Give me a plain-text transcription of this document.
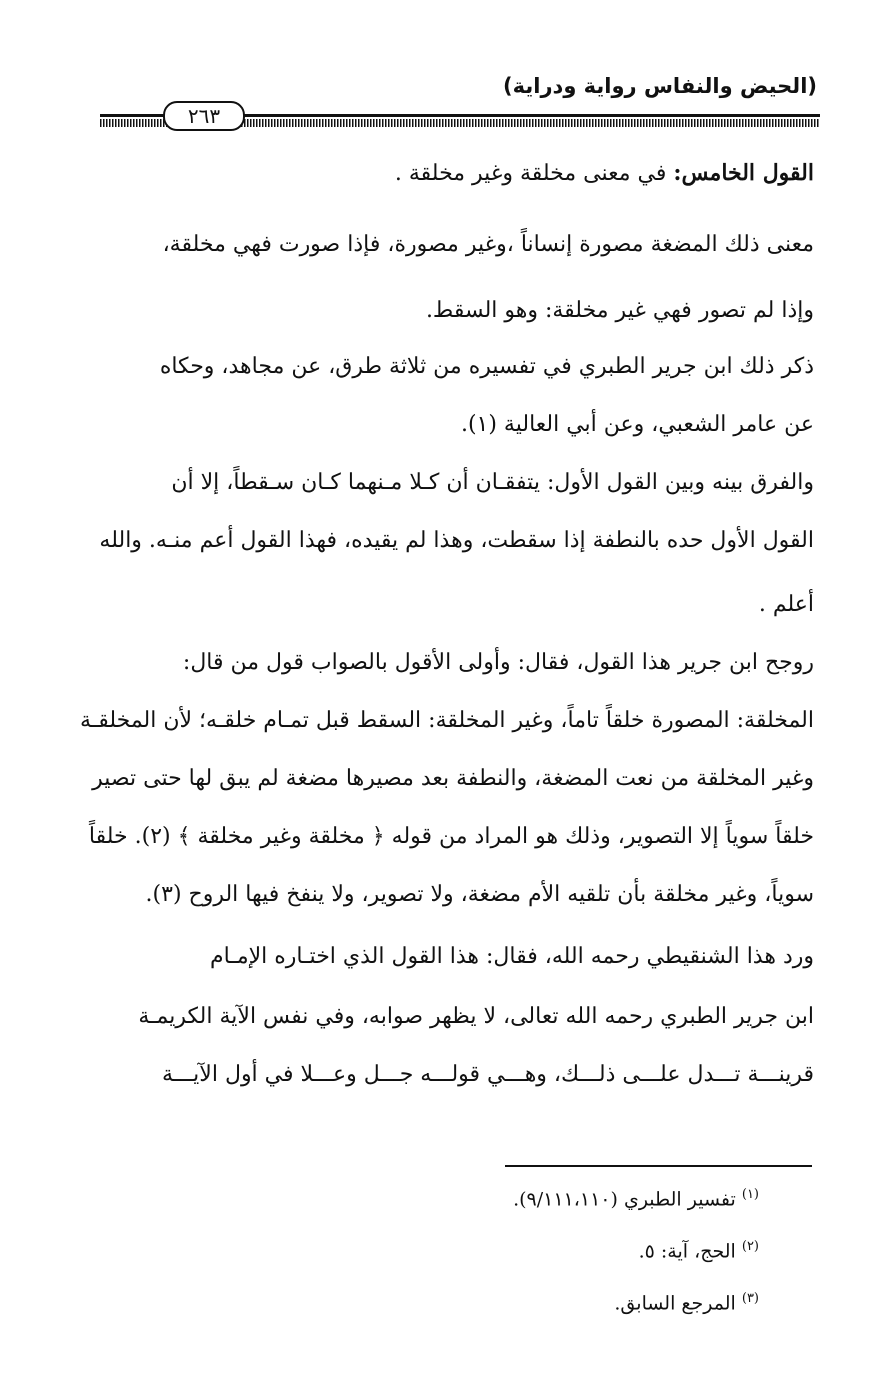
(الحيض والنفاس رواية ودراية)
٢٦٣
القول الخامس: في معنى مخلقة وغير مخلقة .
معنى ذلك المضغة مصورة إنساناً ،وغير مصورة، فإذا صورت فهي مخلقة،
وإذا لم تصور فهي غير مخلقة: وهو السقط.
ذكر ذلك ابن جرير الطبري في تفسيره من ثلاثة طرق، عن مجاهد، وحكاه
عن عامر الشعبي، وعن أبي العالية (١).
والفرق بينه وبين القول الأول: يتفقـان أن كـلا مـنهما كـان سـقطاً، إلا أن
القول الأول حده بالنطفة إذا سقطت، وهذا لم يقيده، فهذا القول أعم منـه. والله
أعلم .
روجح ابن جرير هذا القول، فقال: وأولى الأقول بالصواب قول من قال:
المخلقة: المصورة خلقاً تاماً، وغير المخلقة: السقط قبل تمـام خلقـه؛ لأن المخلقـة
وغير المخلقة من نعت المضغة، والنطفة بعد مصيرها مضغة لم يبق لها حتى تصير
خلقاً سوياً إلا التصوير، وذلك هو المراد من قوله ﴿ مخلقة وغير مخلقة ﴾ (٢). خلقاً
سوياً، وغير مخلقة بأن تلقيه الأم مضغة، ولا تصوير، ولا ينفخ فيها الروح (٣).
ورد هذا الشنقيطي رحمه الله، فقال: هذا القول الذي اختـاره الإمـام
ابن جرير الطبري رحمه الله تعالى، لا يظهر صوابه، وفي نفس الآية الكريمـة
قرينـــة تـــدل علـــى ذلـــك، وهـــي قولـــه جـــل وعـــلا في أول الآيـــة
$^{(١)}$ تفسير الطبري (٩/١١١،١١٠).
$^{(٢)}$ الحج، آية: ٥.
$^{(٣)}$ المرجع السابق.
